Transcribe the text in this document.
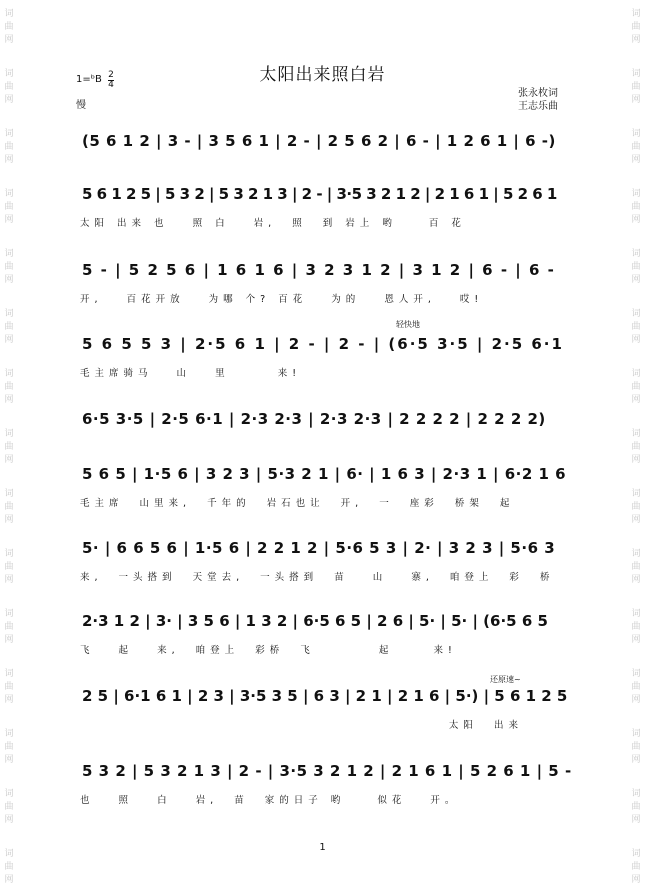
词
曲
网
词
曲
网
词
曲
网
词
曲
网
词
曲
网
词
曲
网
词
曲
网
词
曲
网
词
曲
网
词
曲
网
词
曲
网
词
曲
网
词
曲
网
词
曲
网
词
曲
网
词
曲
网
词
曲
网
词
曲
网
词
曲
网
词
曲
网
词
曲
网
词
曲
网
词
曲
网
词
曲
网
词
曲
网
词
曲
网
词
曲
网
词
曲
网
词
曲
网
词
曲
网
太阳出来照白岩
1=ᵇB 2
4
慢
张永枚词
王志乐曲
轻快地
还原速~
(5 6 1 2 | 3 - | 3 5 6 1 | 2 - | 2 5 6 2 | 6 - | 1 2 6 1 | 6 -)
5 6 1 2 5 | 5 3 2 | 5 3 2 1 3 | 2 - | 3·5 3 2 1 2 | 2 1 6 1 | 5 2 6 1
太阳 出来 也   照 白   岩,  照  到 岩上 哟    百 花
5 - | 5 2 5 6 | 1 6 1 6 | 3 2 3 1 2 | 3 1 2 | 6 - | 6 -
开,   百花开放   为哪 个? 百花   为的   恩人开,   哎!
5 6 5 5 3 | 2·5 6 1 | 2 - | 2 - | (6·5 3·5 | 2·5 6·1
毛主席骑马   山   里      来!
6·5 3·5 | 2·5 6·1 | 2·3 2·3 | 2·3 2·3 | 2 2 2 2 | 2 2 2 2)
5 6 5 | 1·5 6 | 3 2 3 | 5·3 2 1 | 6· | 1 6 3 | 2·3 1 | 6·2 1 6
毛主席  山里来,  千年的  岩石也让  开,  一  座彩  桥架  起
5· | 6 6 5 6 | 1·5 6 | 2 2 1 2 | 5·6 5 3 | 2· | 3 2 3 | 5·6 3
来,  一头搭到  天堂去,  一头搭到  苗   山   寨,  咱登上  彩  桥
2·3 1 2 | 3· | 3 5 6 | 1 3 2 | 6·5 6 5 | 2 6 | 5· | 5· | (6·5 6 5
飞   起   来,  咱登上  彩桥  飞        起     来!
2 5 | 6·1 6 1 | 2 3 | 3·5 3 5 | 6 3 | 2 1 | 2 1 6 | 5·) | 5 6 1 2 5
太阳  出来
5 3 2 | 5 3 2 1 3 | 2 - | 3·5 3 2 1 2 | 2 1 6 1 | 5 2 6 1 | 5 -
也   照   白   岩,  苗  家的日子 哟    似花   开。
1
